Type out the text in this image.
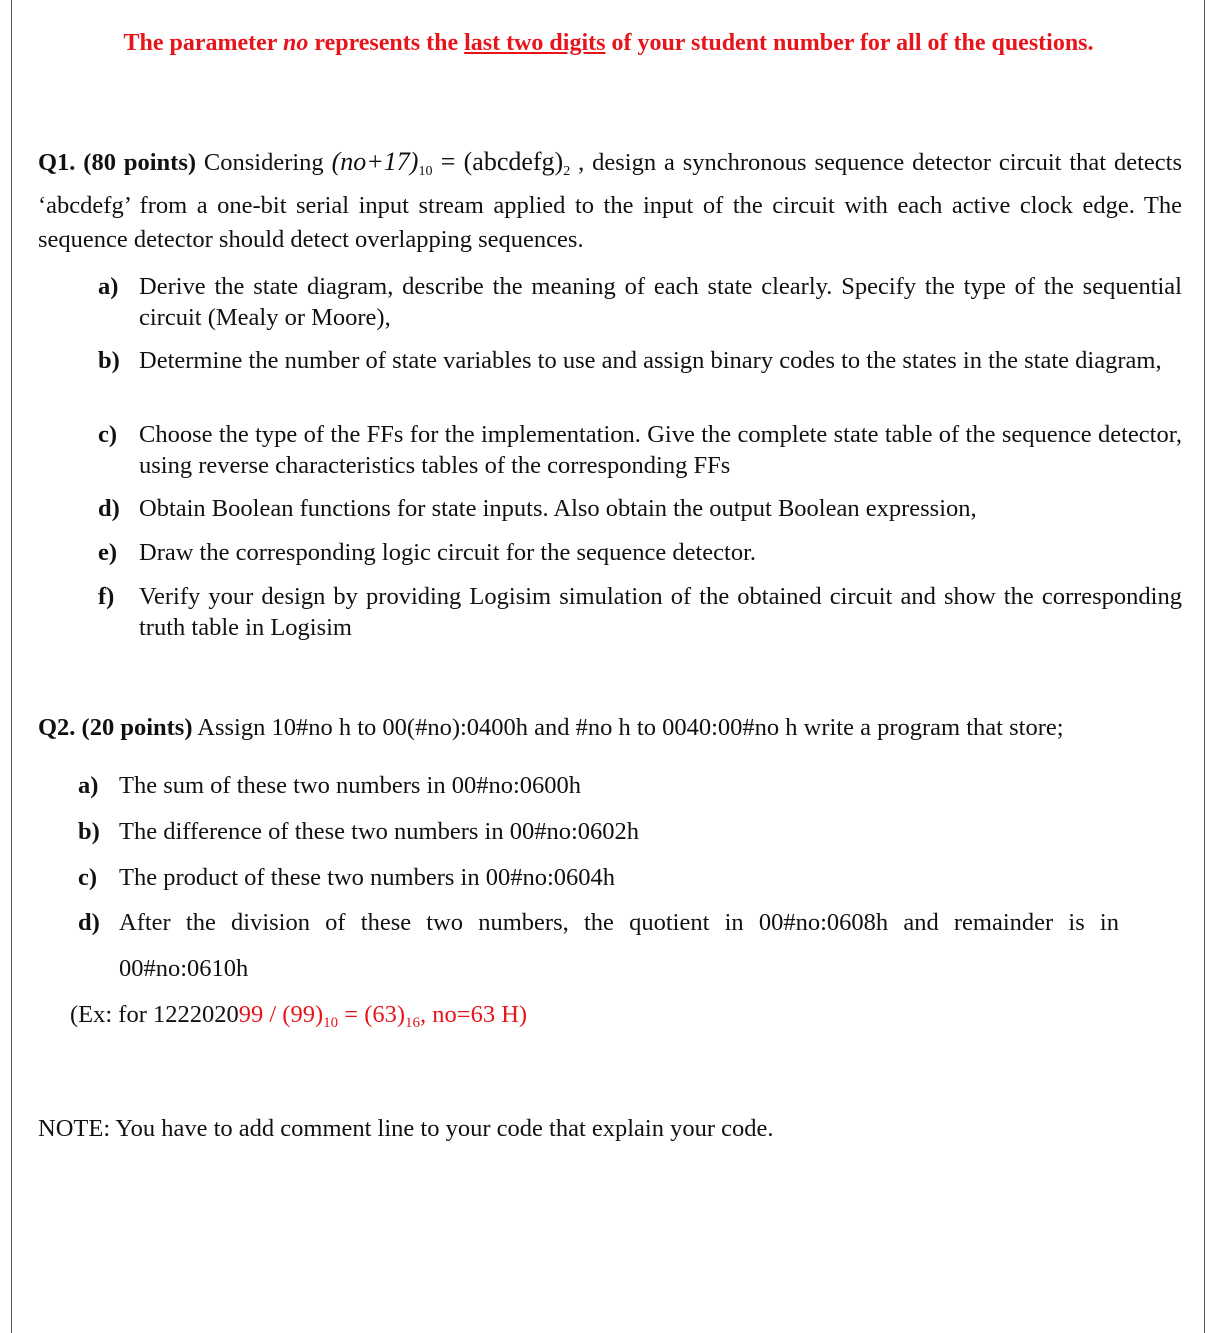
The parameter no represents the last two digits of your student number for all of the questions.
Q1. (80 points) Considering $(no+17)_{10}$ = $(abcdefg)_2$ , design a synchronous sequence detector circuit that detects ‘abcdefg’ from a one-bit serial input stream applied to the input of the circuit with each active clock edge. The sequence detector should detect overlapping sequences.
a) Derive the state diagram, describe the meaning of each state clearly. Specify the type of the sequential circuit (Mealy or Moore),
b) Determine the number of state variables to use and assign binary codes to the states in the state diagram,
c) Choose the type of the FFs for the implementation. Give the complete state table of the sequence detector, using reverse characteristics tables of the corresponding FFs
d) Obtain Boolean functions for state inputs. Also obtain the output Boolean expression,
e) Draw the corresponding logic circuit for the sequence detector.
f) Verify your design by providing Logisim simulation of the obtained circuit and show the corresponding truth table in Logisim
Q2. (20 points) Assign 10#no h to 00(#no):0400h and #no h to 0040:00#no h write a program that store;
a) The sum of these two numbers in 00#no:0600h
b) The difference of these two numbers in 00#no:0602h
c) The product of these two numbers in 00#no:0604h
d) After the division of these two numbers, the quotient in 00#no:0608h and remainder is in 00#no:0610h
(Ex: for $122202099 / (99)_{10} = (63)_{16}$, no=63 H)
NOTE: You have to add comment line to your code that explain your code.
